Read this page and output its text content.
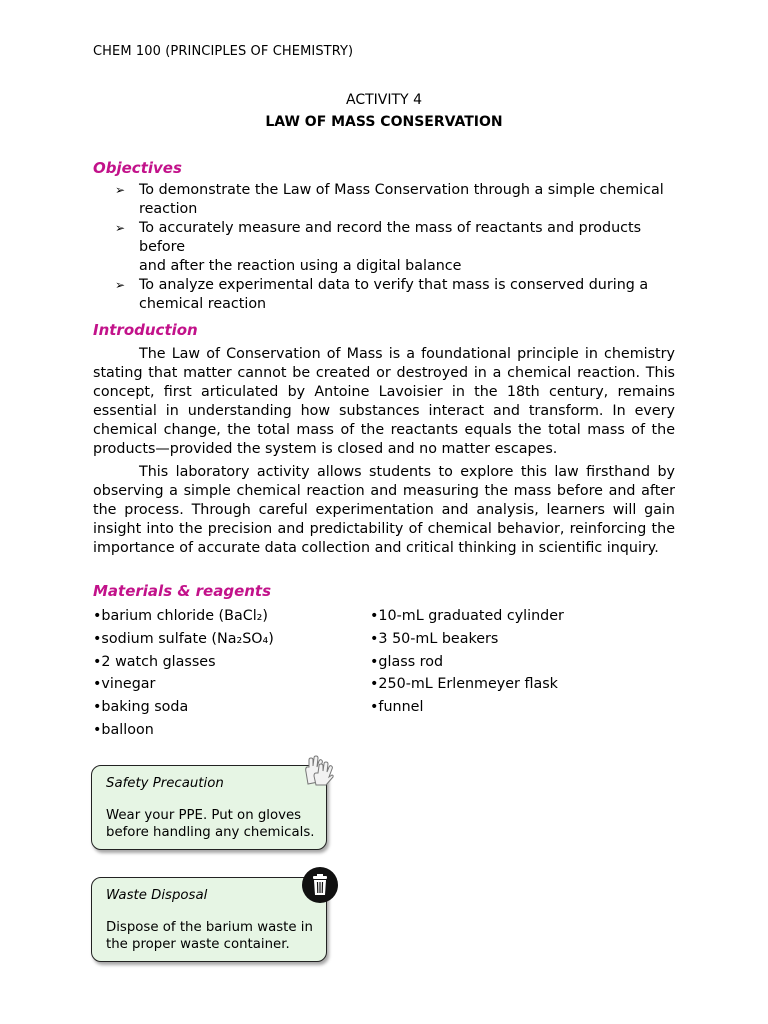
CHEM 100 (PRINCIPLES OF CHEMISTRY)
ACTIVITY 4
LAW OF MASS CONSERVATION
Objectives
➢ To demonstrate the Law of Mass Conservation through a simple chemical
reaction
➢ To accurately measure and record the mass of reactants and products before
and after the reaction using a digital balance
➢ To analyze experimental data to verify that mass is conserved during a
chemical reaction
Introduction

The Law of Conservation of Mass is a foundational principle in chemistry stating that matter cannot be created or destroyed in a chemical reaction. This concept, first articulated by Antoine Lavoisier in the 18th century, remains essential in understanding how substances interact and transform. In every chemical change, the total mass of the reactants equals the total mass of the products—provided the system is closed and no matter escapes.

This laboratory activity allows students to explore this law firsthand by observing a simple chemical reaction and measuring the mass before and after the process. Through careful experimentation and analysis, learners will gain insight into the precision and predictability of chemical behavior, reinforcing the importance of accurate data collection and critical thinking in scientific inquiry.

Materials & reagents
•barium chloride (BaCl₂)
•sodium sulfate (Na₂SO₄)
•2 watch glasses
•vinegar
•baking soda
•balloon
•10-mL graduated cylinder
•3 50-mL beakers
•glass rod
•250-mL Erlenmeyer flask
•funnel
Safety Precaution
Wear your PPE. Put on gloves
before handling any chemicals.
Waste Disposal
Dispose of the barium waste in
the proper waste container.
